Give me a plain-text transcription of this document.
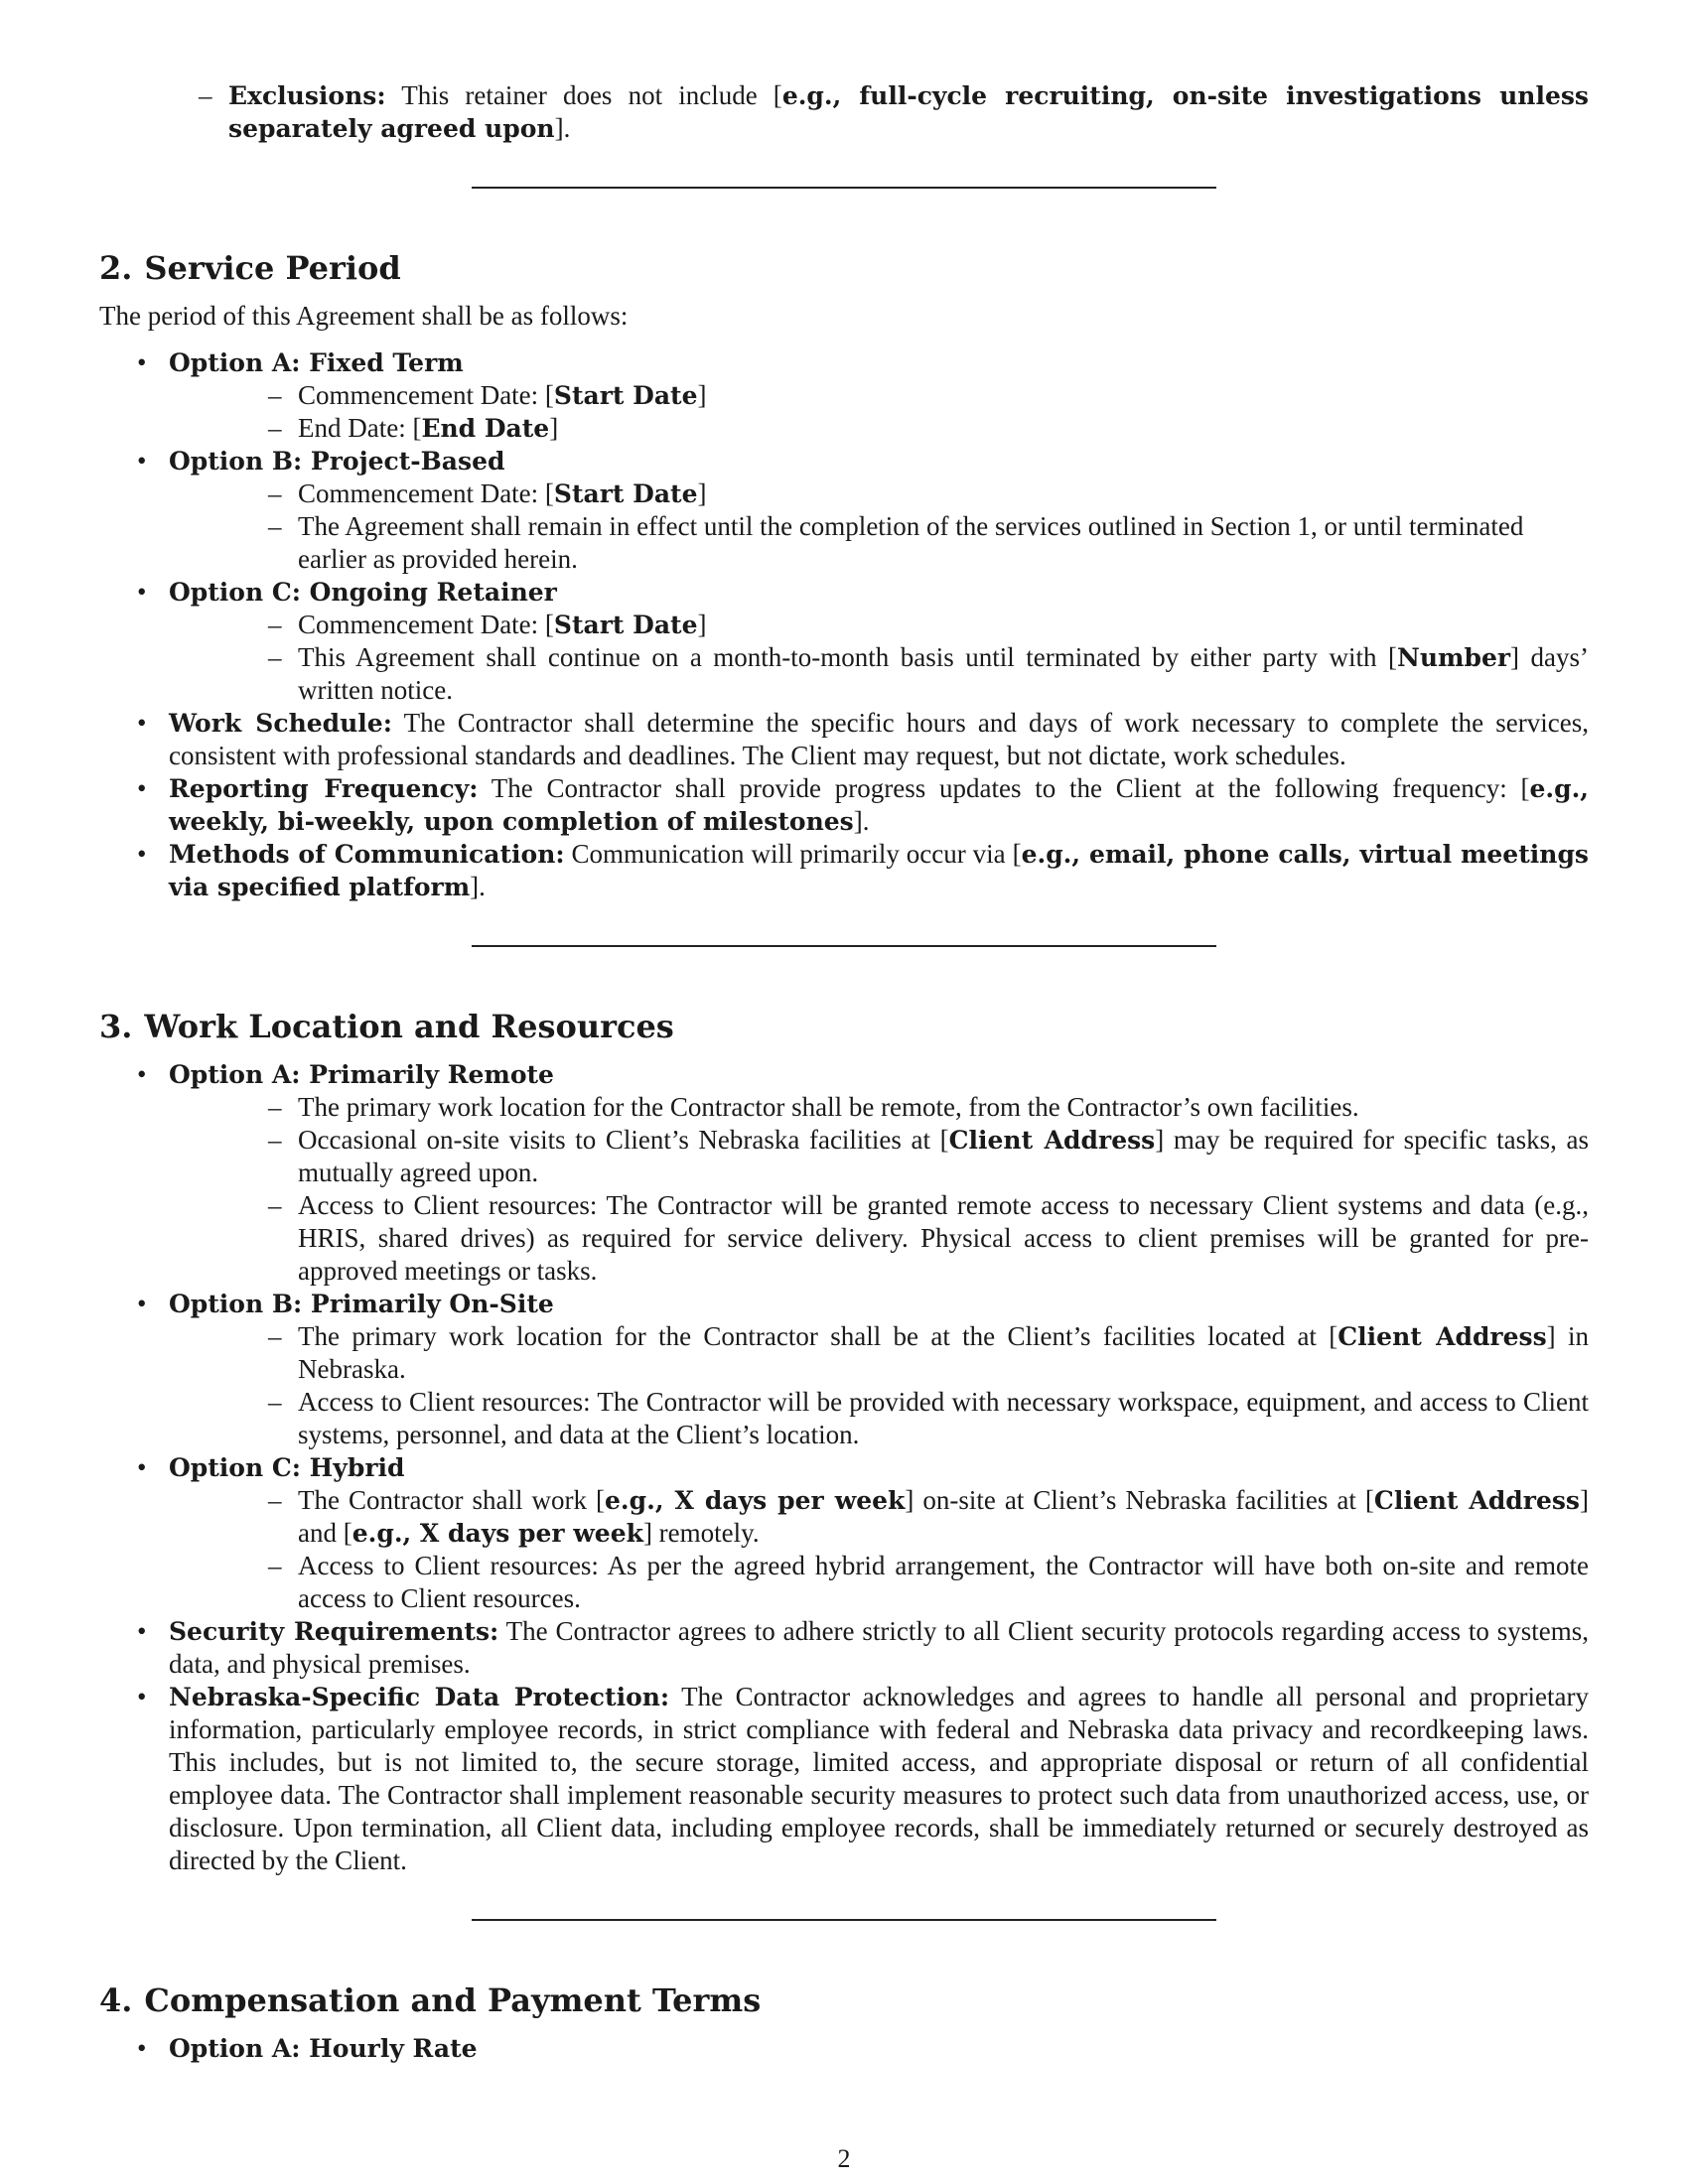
– Exclusions: This retainer does not include [e.g., full-cycle recruiting, on-site investigations unless separately agreed upon].

2. Service Period

The period of this Agreement shall be as follows:

• Option A: Fixed Term
– Commencement Date: [Start Date]
– End Date: [End Date]
• Option B: Project-Based
– Commencement Date: [Start Date]
– The Agreement shall remain in effect until the completion of the services outlined in Section 1, or until terminated earlier as provided herein.
• Option C: Ongoing Retainer
– Commencement Date: [Start Date]
– This Agreement shall continue on a month-to-month basis until terminated by either party with [Number] days’ written notice.
• Work Schedule: The Contractor shall determine the specific hours and days of work necessary to complete the services, consistent with professional standards and deadlines. The Client may request, but not dictate, work schedules.
• Reporting Frequency: The Contractor shall provide progress updates to the Client at the following frequency: [e.g., weekly, bi-weekly, upon completion of milestones].
• Methods of Communication: Communication will primarily occur via [e.g., email, phone calls, virtual meetings via specified platform].
3. Work Location and Resources
• Option A: Primarily Remote
– The primary work location for the Contractor shall be remote, from the Contractor’s own facilities.
– Occasional on-site visits to Client’s Nebraska facilities at [Client Address] may be required for specific tasks, as mutually agreed upon.
– Access to Client resources: The Contractor will be granted remote access to necessary Client systems and data (e.g., HRIS, shared drives) as required for service delivery. Physical access to client premises will be granted for pre-approved meetings or tasks.
• Option B: Primarily On-Site
– The primary work location for the Contractor shall be at the Client’s facilities located at [Client Address] in Nebraska.
– Access to Client resources: The Contractor will be provided with necessary workspace, equipment, and access to Client systems, personnel, and data at the Client’s location.
• Option C: Hybrid
– The Contractor shall work [e.g., X days per week] on-site at Client’s Nebraska facilities at [Client Address] and [e.g., X days per week] remotely.
– Access to Client resources: As per the agreed hybrid arrangement, the Contractor will have both on-site and remote access to Client resources.
• Security Requirements: The Contractor agrees to adhere strictly to all Client security protocols regarding access to systems, data, and physical premises.
• Nebraska-Specific Data Protection: The Contractor acknowledges and agrees to handle all personal and proprietary information, particularly employee records, in strict compliance with federal and Nebraska data privacy and recordkeeping laws. This includes, but is not limited to, the secure storage, limited access, and appropriate disposal or return of all confidential employee data. The Contractor shall implement reasonable security measures to protect such data from unauthorized access, use, or disclosure. Upon termination, all Client data, including employee records, shall be immediately returned or securely destroyed as directed by the Client.
4. Compensation and Payment Terms
• Option A: Hourly Rate
2
